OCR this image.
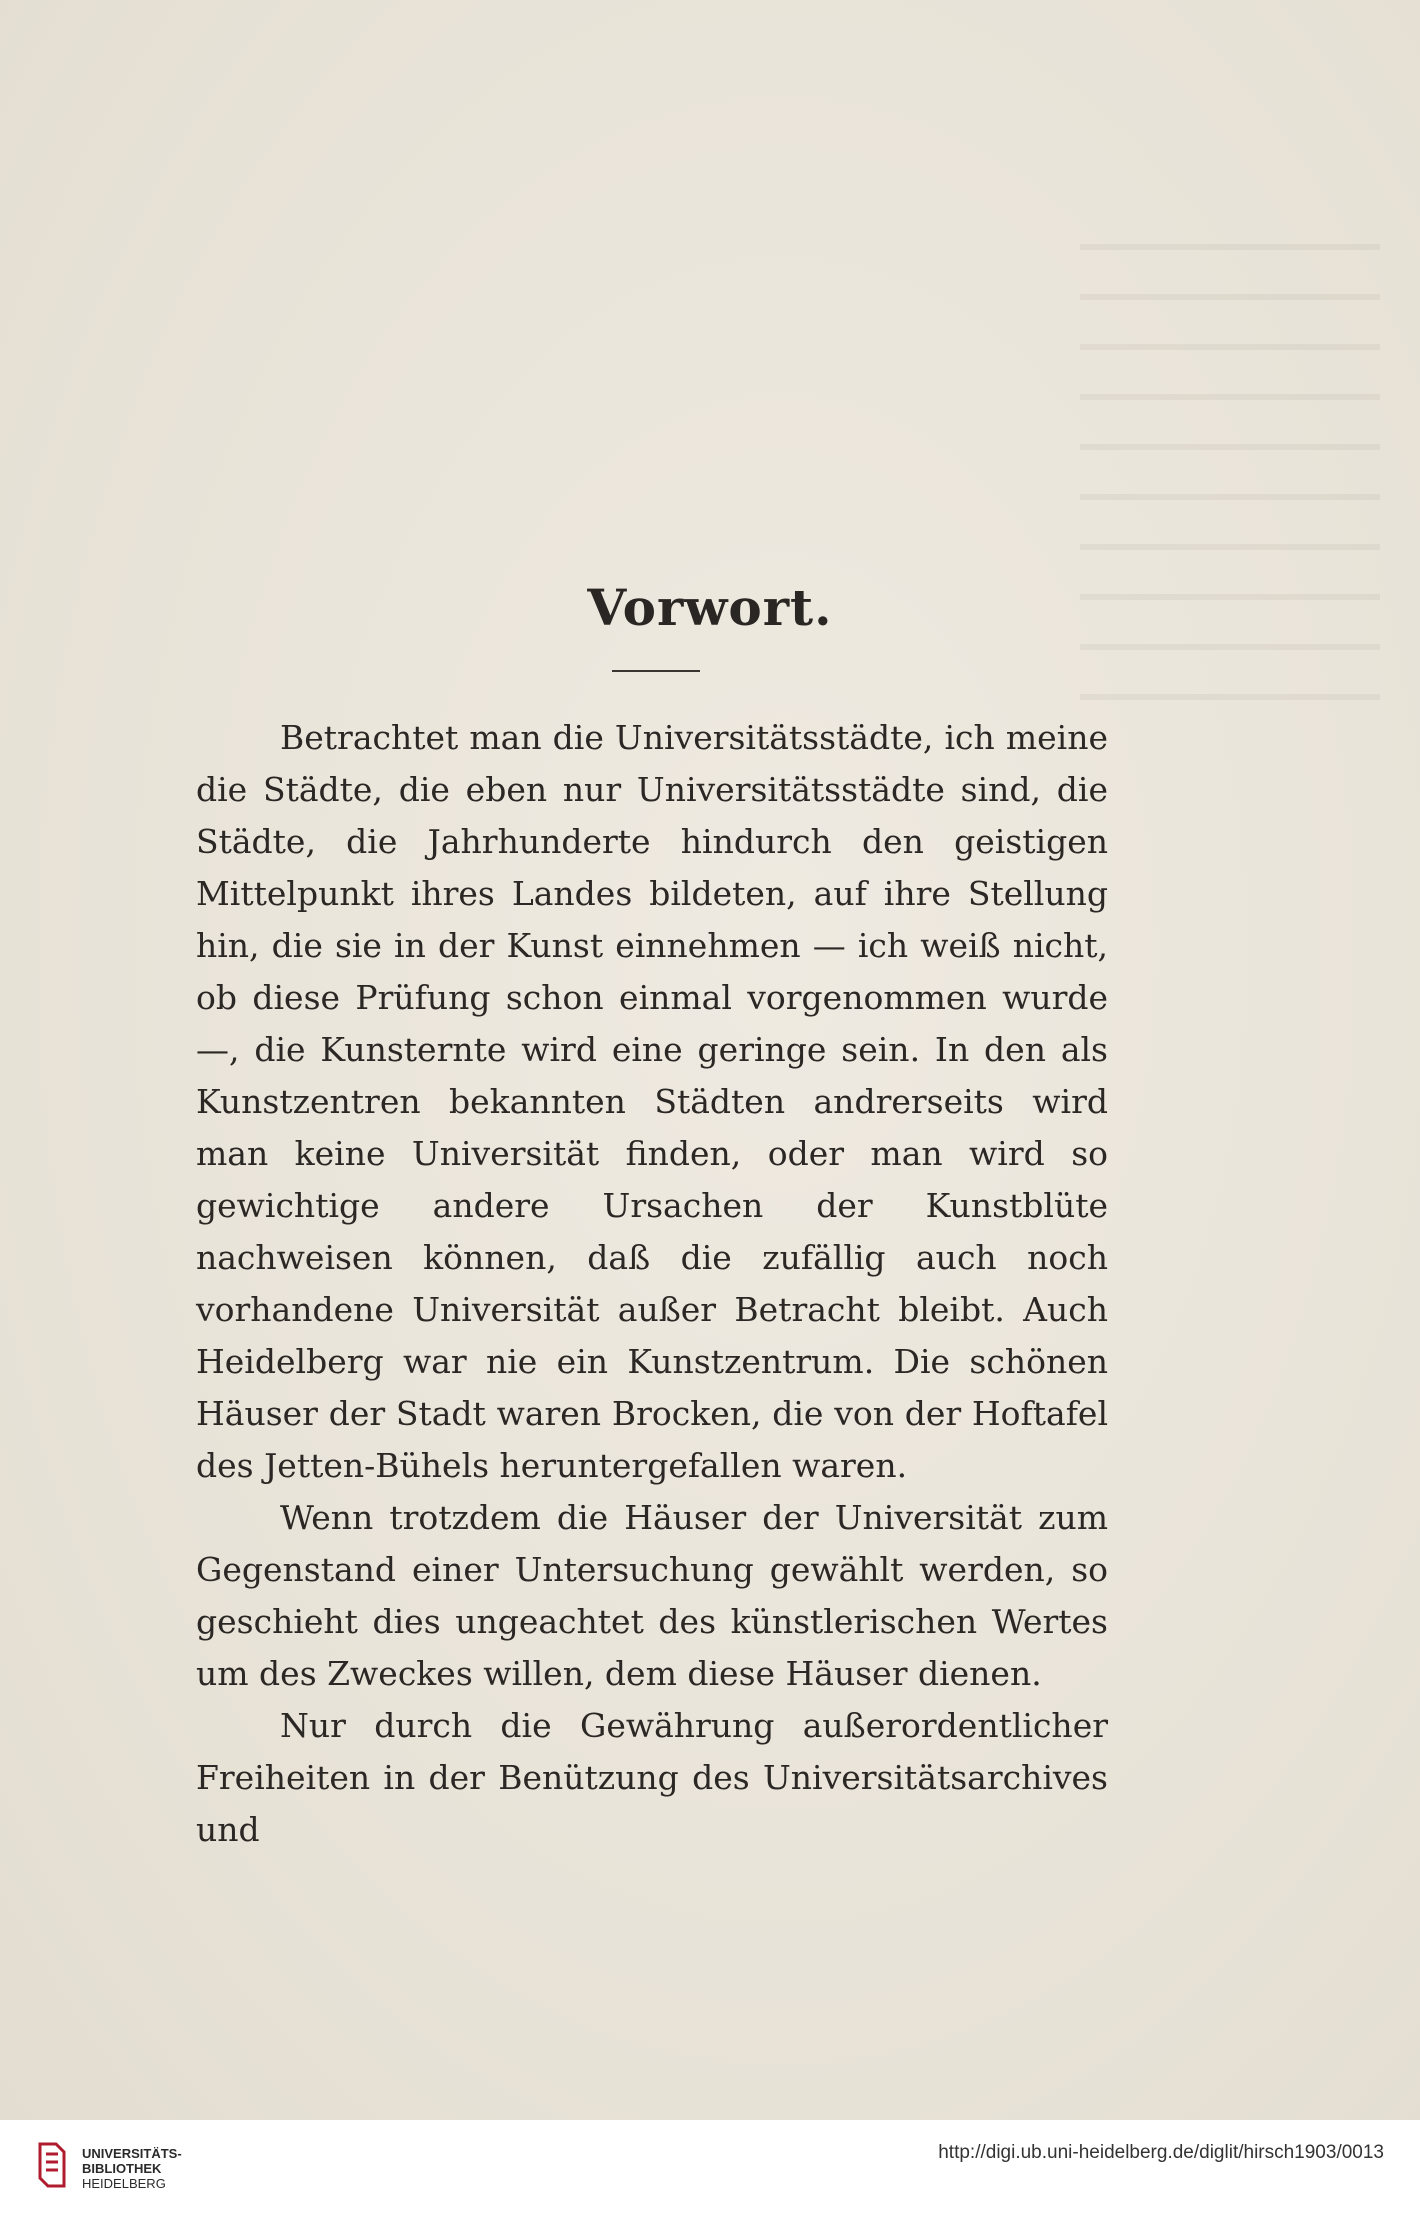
Vorwort.

Betrachtet man die Universitätsstädte, ich meine die Städte, die eben nur Universitätsstädte sind, die Städte, die Jahrhunderte hindurch den geistigen Mittelpunkt ihres Landes bildeten, auf ihre Stellung hin, die sie in der Kunst einnehmen — ich weiß nicht, ob diese Prüfung schon einmal vorgenommen wurde —, die Kunsternte wird eine geringe sein. In den als Kunstzentren bekannten Städten andrerseits wird man keine Universität finden, oder man wird so gewichtige andere Ursachen der Kunstblüte nachweisen können, daß die zufällig auch noch vorhandene Universität außer Betracht bleibt. Auch Heidelberg war nie ein Kunstzentrum. Die schönen Häuser der Stadt waren Brocken, die von der Hoftafel des Jetten-Bühels heruntergefallen waren.

Wenn trotzdem die Häuser der Universität zum Gegenstand einer Untersuchung gewählt werden, so geschieht dies ungeachtet des künstlerischen Wertes um des Zweckes willen, dem diese Häuser dienen.

Nur durch die Gewährung außerordentlicher Freiheiten in der Benützung des Universitätsarchives und

UNIVERSITÄTS-
BIBLIOTHEK
HEIDELBERG
http://digi.ub.uni-heidelberg.de/diglit/hirsch1903/0013
